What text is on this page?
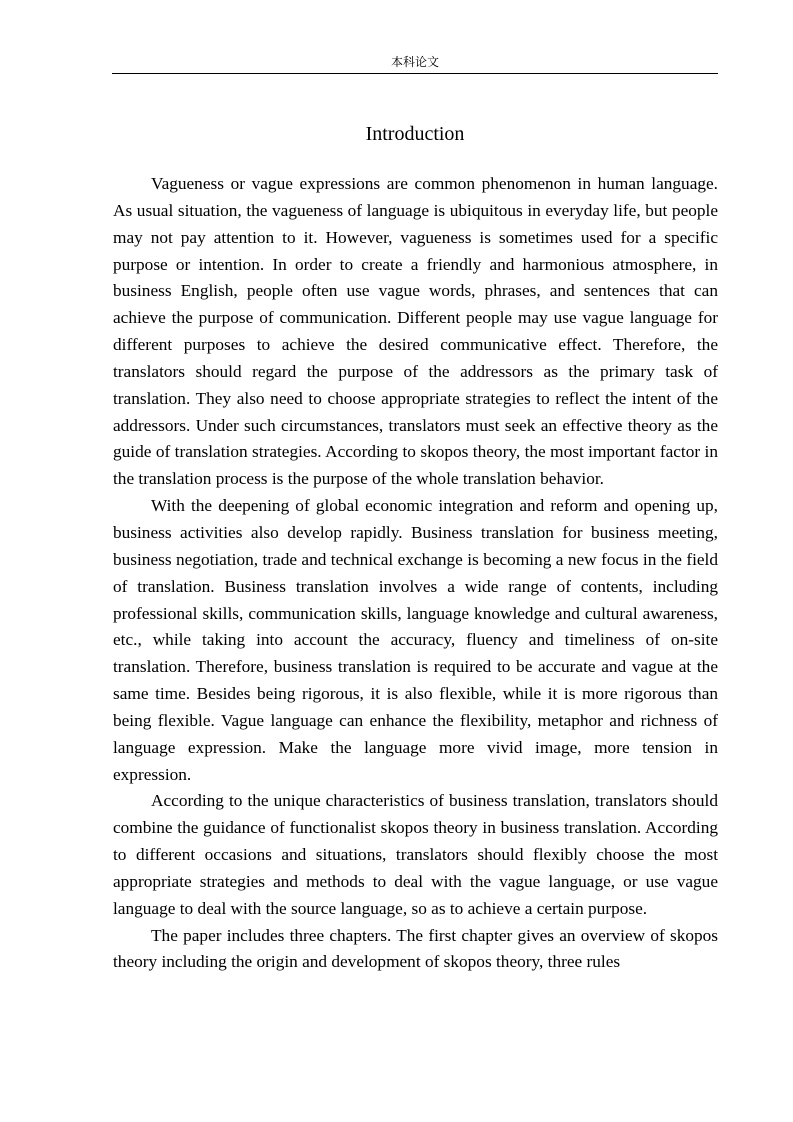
本科论文
Introduction

Vagueness or vague expressions are common phenomenon in human language. As usual situation, the vagueness of language is ubiquitous in everyday life, but people may not pay attention to it. However, vagueness is sometimes used for a specific purpose or intention. In order to create a friendly and harmonious atmosphere, in business English, people often use vague words, phrases, and sentences that can achieve the purpose of communication. Different people may use vague language for different purposes to achieve the desired communicative effect. Therefore, the translators should regard the purpose of the addressors as the primary task of translation. They also need to choose appropriate strategies to reflect the intent of the addressors. Under such circumstances, translators must seek an effective theory as the guide of translation strategies. According to skopos theory, the most important factor in the translation process is the purpose of the whole translation behavior.

With the deepening of global economic integration and reform and opening up, business activities also develop rapidly. Business translation for business meeting, business negotiation, trade and technical exchange is becoming a new focus in the field of translation. Business translation involves a wide range of contents, including professional skills, communication skills, language knowledge and cultural awareness, etc., while taking into account the accuracy, fluency and timeliness of on-site translation. Therefore, business translation is required to be accurate and vague at the same time. Besides being rigorous, it is also flexible, while it is more rigorous than being flexible. Vague language can enhance the flexibility, metaphor and richness of language expression. Make the language more vivid image, more tension in expression.

According to the unique characteristics of business translation, translators should combine the guidance of functionalist skopos theory in business translation. According to different occasions and situations, translators should flexibly choose the most appropriate strategies and methods to deal with the vague language, or use vague language to deal with the source language, so as to achieve a certain purpose.

The paper includes three chapters. The first chapter gives an overview of skopos theory including the origin and development of skopos theory, three rules
